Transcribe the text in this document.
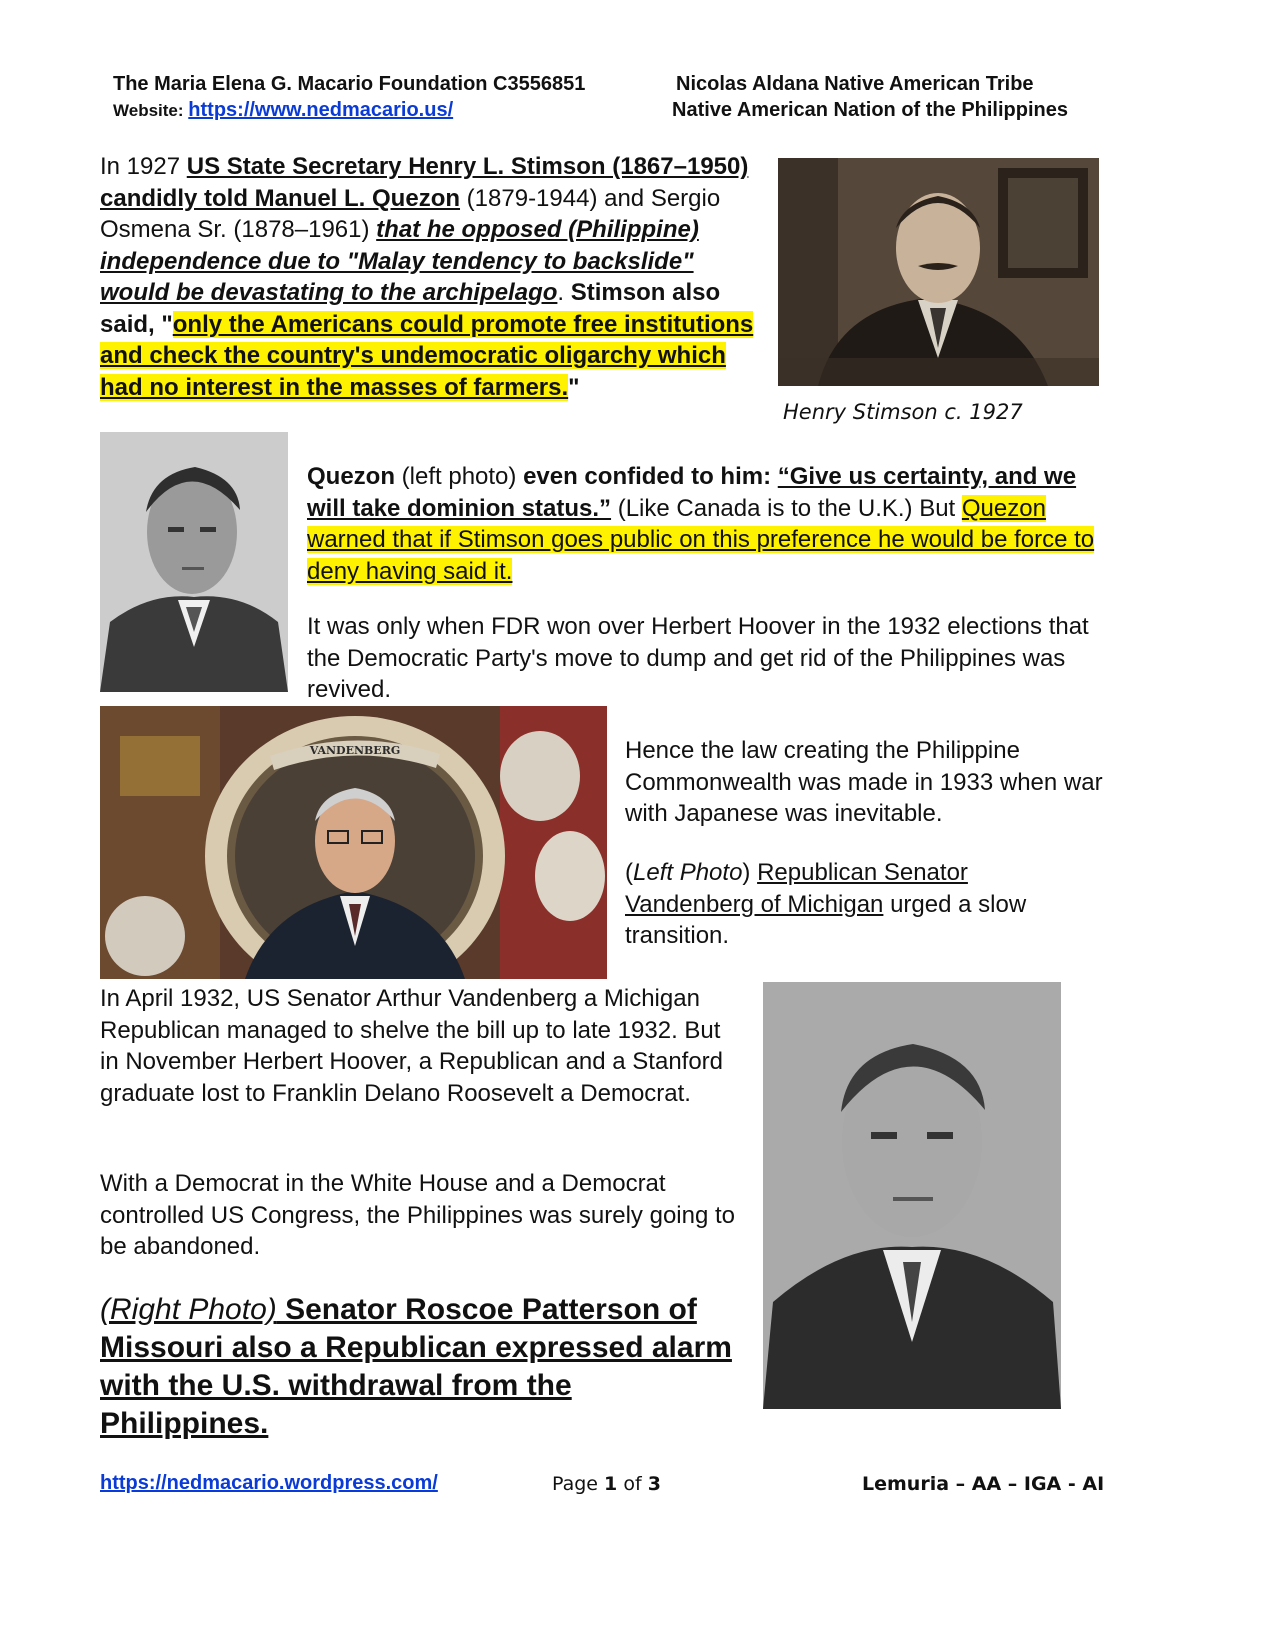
The Maria Elena G. Macario Foundation C3556851
Website: https://www.nedmacario.us/
Nicolas Aldana Native American Tribe
Native American Nation of the Philippines
In 1927 US State Secretary Henry L. Stimson (1867–1950) candidly told Manuel L. Quezon (1879-1944) and Sergio Osmena Sr. (1878–1961) that he opposed (Philippine) independence due to "Malay tendency to backslide" would be devastating to the archipelago. Stimson also said, "only the Americans could promote free institutions and check the country's undemocratic oligarchy which had no interest in the masses of farmers."
Henry Stimson c. 1927
Quezon (left photo) even confided to him: “Give us certainty, and we will take dominion status.” (Like Canada is to the U.K.) But Quezon warned that if Stimson goes public on this preference he would be force to deny having said it.
It was only when FDR won over Herbert Hoover in the 1932 elections that the Democratic Party's move to dump and get rid of the Philippines was revived.
VANDENBERG	Hence the law creating the Philippine Commonwealth was made in 1933 when war with Japanese was inevitable.
(Left Photo) Republican Senator Vandenberg of Michigan urged a slow transition.
In April 1932, US Senator Arthur Vandenberg a Michigan Republican managed to shelve the bill up to late 1932. But in November Herbert Hoover, a Republican and a Stanford graduate lost to Franklin Delano Roosevelt a Democrat.
With a Democrat in the White House and a Democrat controlled US Congress, the Philippines was surely going to be abandoned.
(Right Photo) Senator Roscoe Patterson of Missouri also a Republican expressed alarm with the U.S. withdrawal from the Philippines.
https://nedmacario.wordpress.com/	Page 1 of 3	Lemuria – AA – IGA - AI
